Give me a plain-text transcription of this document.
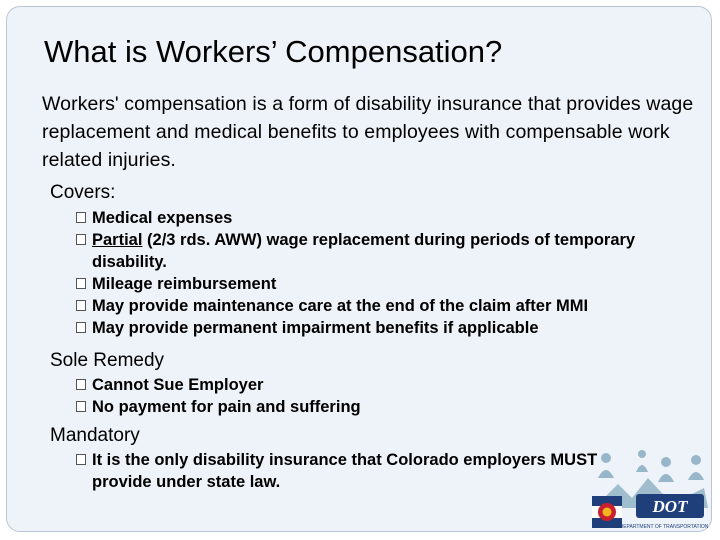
What is Workers’ Compensation?
Workers' compensation is a form of disability insurance that provides wage replacement and medical benefits to employees with compensable work related injuries.
Covers:
Medical expenses
Partial (2/3 rds. AWW) wage replacement during periods of temporary disability.
Mileage reimbursement
May provide maintenance care at the end of the claim after MMI
May provide permanent impairment benefits if applicable
Sole Remedy
Cannot Sue Employer
No payment for pain and suffering
Mandatory
It is the only disability insurance that Colorado employers MUST provide under state law.
DOT
DEPARTMENT OF TRANSPORTATION
